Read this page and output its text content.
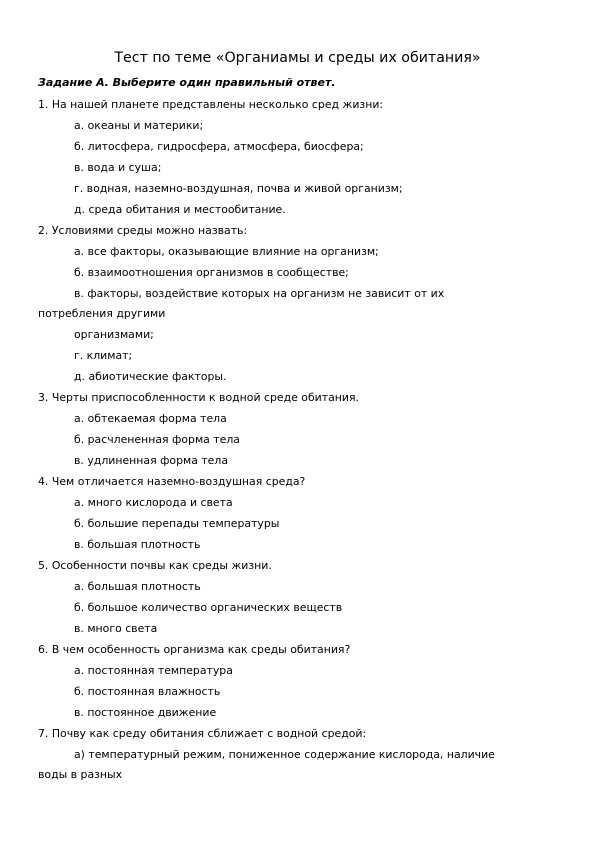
Тест по теме «Органиамы и среды их обитания»
Задание А. Выберите один правильный ответ.
1. На нашей планете представлены несколько сред жизни:
а. океаны и материки;
б. литосфера, гидросфера, атмосфера, биосфера;
в. вода и суша;
г. водная, наземно-воздушная, почва и живой организм;
д. среда обитания и местообитание.
2. Условиями среды можно назвать:
а. все факторы, оказывающие влияние на организм;
б. взаимоотношения организмов в сообществе;
в. факторы, воздействие которых на организм не зависит от их
потребления другими
организмами;
г. климат;
д. абиотические факторы.
3. Черты приспособленности к водной среде обитания.
а. обтекаемая форма тела
б. расчлененная форма тела
в. удлиненная форма тела
4. Чем отличается наземно-воздушная среда?
а. много кислорода и света
б. большие перепады температуры
в. большая плотность
5. Особенности почвы как среды жизни.
а. большая плотность
б. большое количество органических веществ
в. много света
6. В чем особенность организма как среды обитания?
а. постоянная температура
б. постоянная влажность
в. постоянное движение
7. Почву как среду обитания сближает с водной средой:
а) температурный режим, пониженное содержание кислорода, наличие
воды в разных
